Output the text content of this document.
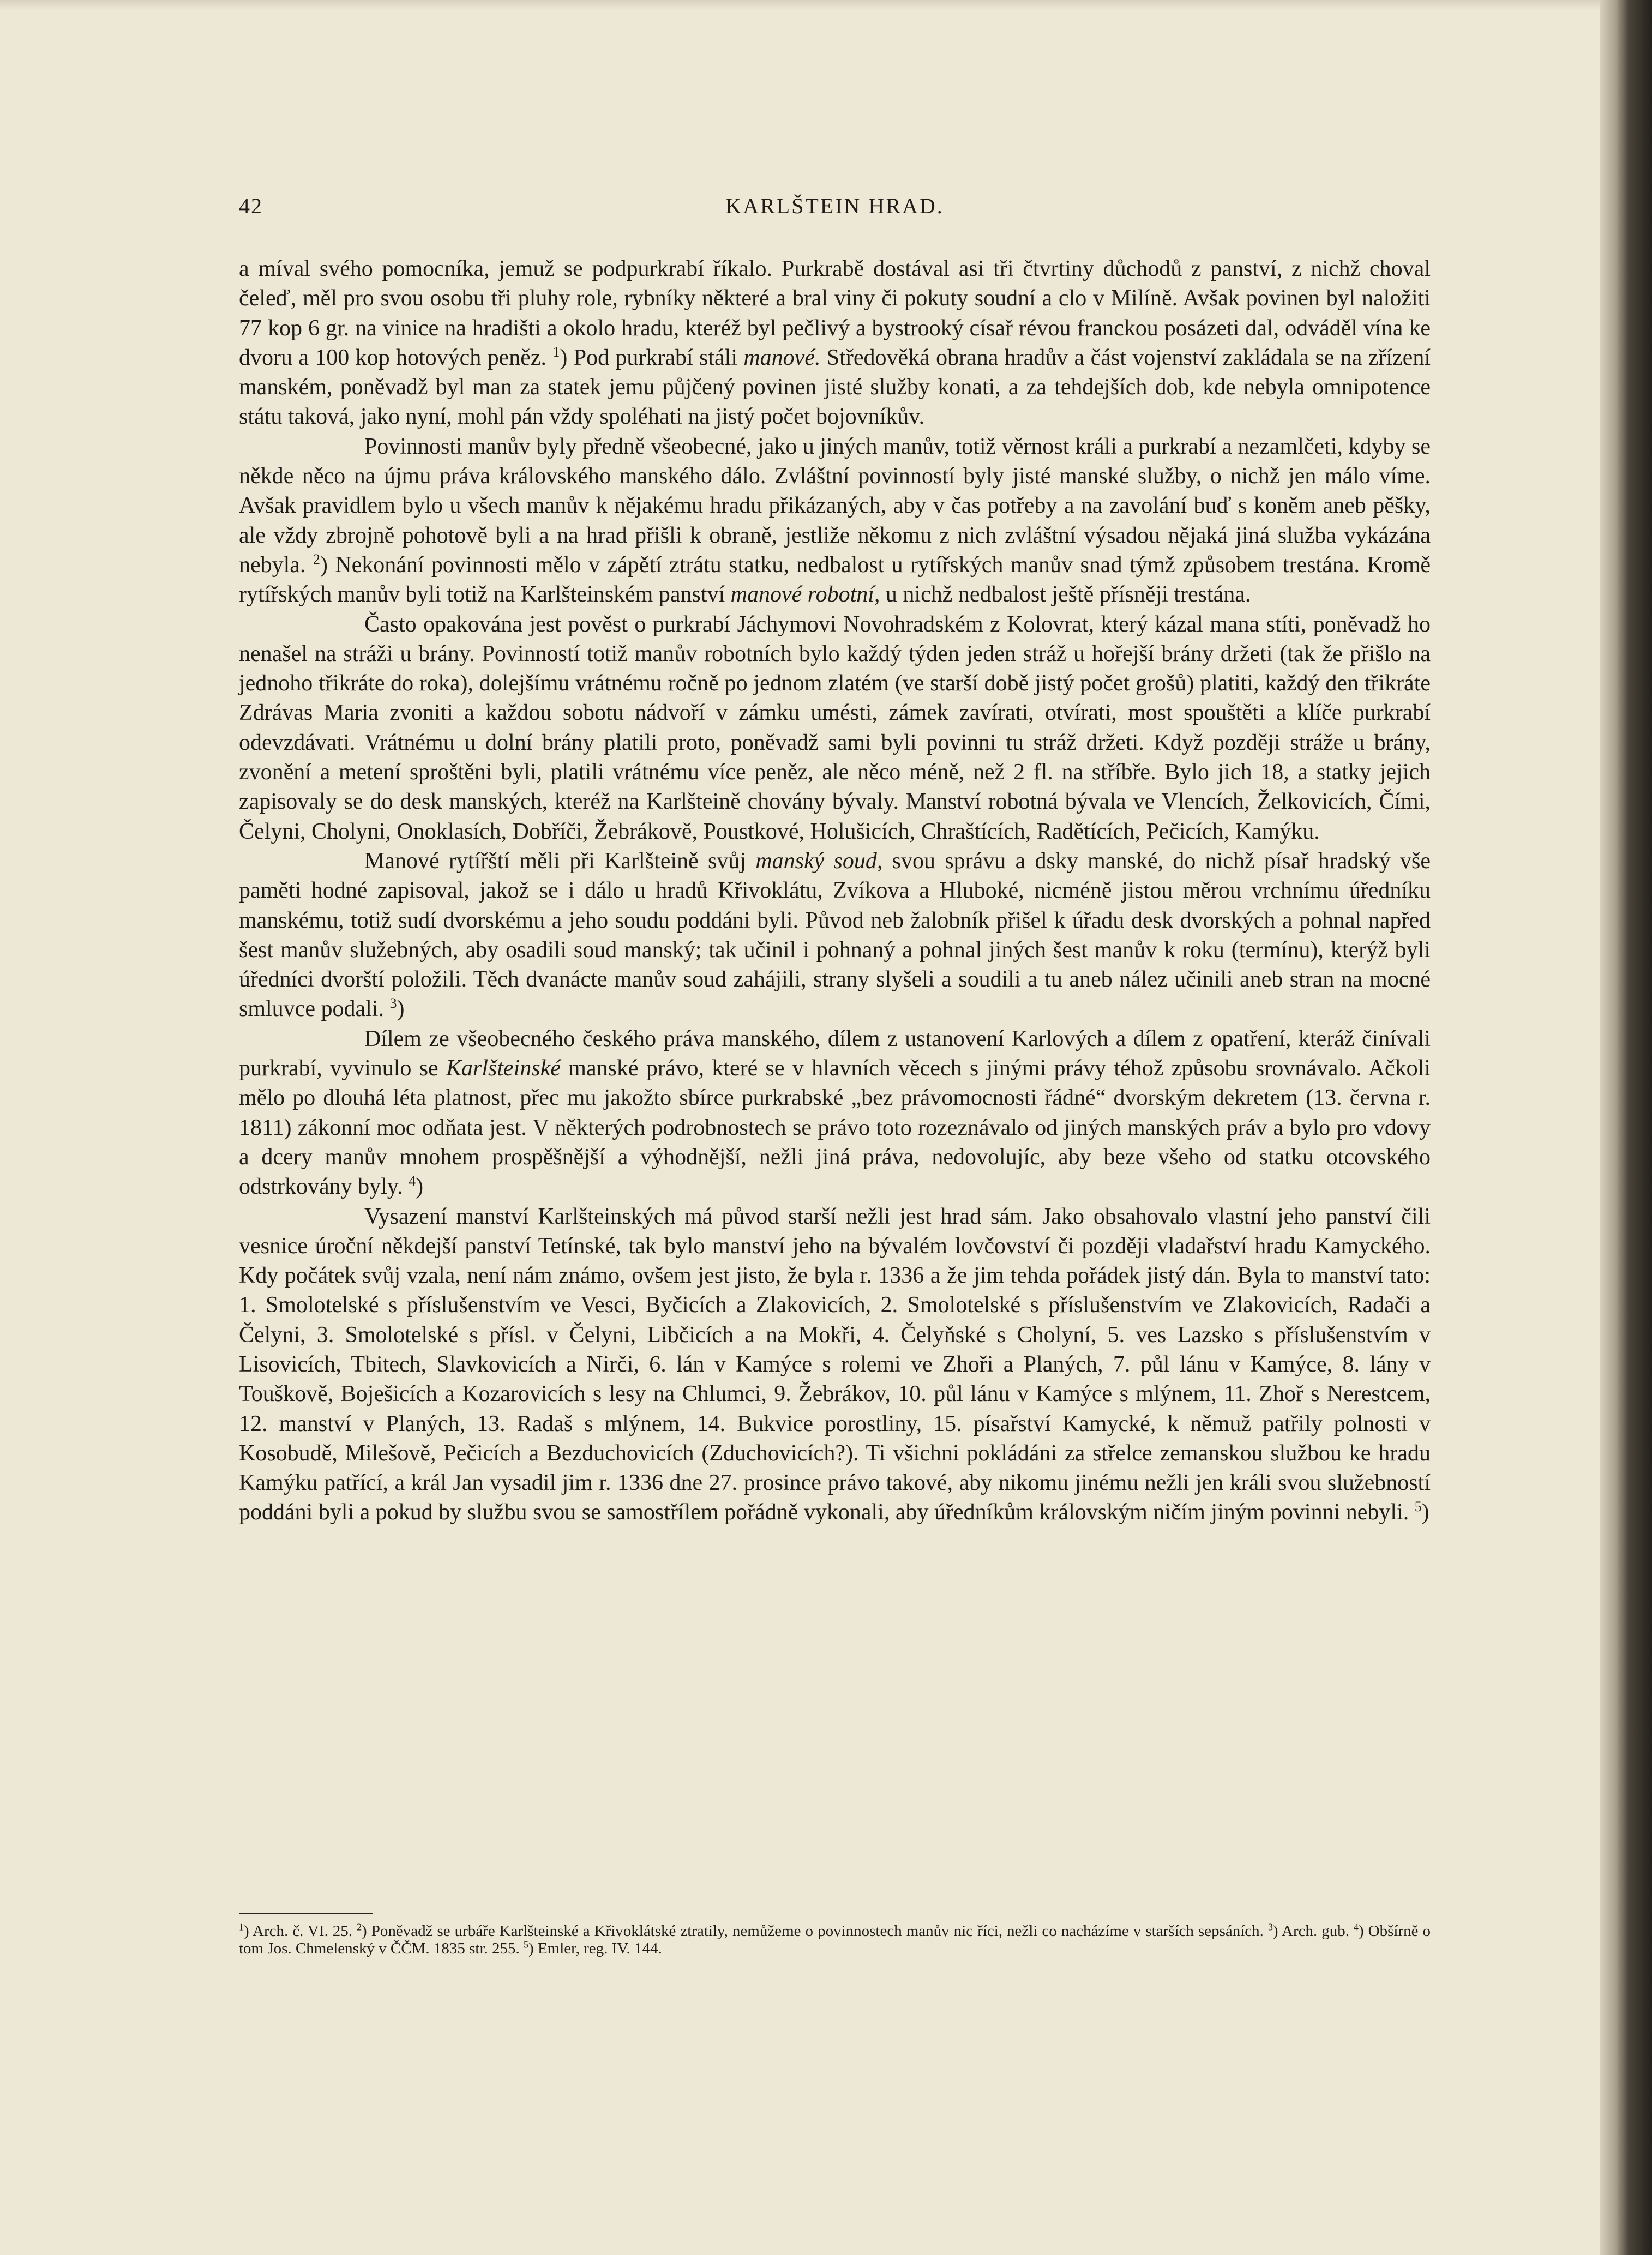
42	KARLŠTEIN HRAD.

a míval svého pomocníka, jemuž se podpurkrabí říkalo. Purkrabě dostával asi tři čtvrtiny důchodů z panství, z nichž choval čeleď, měl pro svou osobu tři pluhy role, rybníky některé a bral viny či pokuty soudní a clo v Milíně. Avšak povinen byl naložiti 77 kop 6 gr. na vinice na hradišti a okolo hradu, kteréž byl pečlivý a bystrooký císař révou franckou posázeti dal, odváděl vína ke dvoru a 100 kop hotových peněz. $^1$) Pod purkrabí stáli manové. Středověká obrana hradův a část vojenství zakládala se na zřízení manském, poněvadž byl man za statek jemu půjčený povinen jisté služby konati, a za tehdejších dob, kde nebyla omnipotence státu taková, jako nyní, mohl pán vždy spoléhati na jistý počet bojovníkův.

Povinnosti manův byly předně všeobecné, jako u jiných manův, totiž věrnost králi a purkrabí a nezamlčeti, kdyby se někde něco na újmu práva královského manského dálo. Zvláštní povinností byly jisté manské služby, o nichž jen málo víme. Avšak pravidlem bylo u všech manův k nějakému hradu přikázaných, aby v čas potřeby a na zavolání buď s koněm aneb pěšky, ale vždy zbrojně pohotově byli a na hrad přišli k obraně, jestliže někomu z nich zvláštní výsadou nějaká jiná služba vykázána nebyla. $^2$) Nekonání povinnosti mělo v zápětí ztrátu statku, nedbalost u rytířských manův snad týmž způsobem trestána. Kromě rytířských manův byli totiž na Karlšteinském panství manové robotní, u nichž nedbalost ještě přísněji trestána.

Často opakována jest pověst o purkrabí Jáchymovi Novohradském z Kolovrat, který kázal mana stíti, poněvadž ho nenašel na stráži u brány. Povinností totiž manův robotních bylo každý týden jeden stráž u hořejší brány držeti (tak že přišlo na jednoho třikráte do roka), dolejšímu vrátnému ročně po jednom zlatém (ve starší době jistý počet grošů) platiti, každý den třikráte Zdrávas Maria zvoniti a každou sobotu nádvoří v zámku umésti, zámek zavírati, otvírati, most spouštěti a klíče purkrabí odevzdávati. Vrátnému u dolní brány platili proto, poněvadž sami byli povinni tu stráž držeti. Když později stráže u brány, zvonění a metení sproštěni byli, platili vrátnému více peněz, ale něco méně, než 2 fl. na stříbře. Bylo jich 18, a statky jejich zapisovaly se do desk manských, kteréž na Karlšteině chovány bývaly. Manství robotná bývala ve Vlencích, Želkovicích, Čími, Čelyni, Cholyni, Onoklasích, Dobříči, Žebrákově, Poustkové, Holušicích, Chraštících, Radětících, Pečicích, Kamýku.

Manové rytířští měli při Karlšteině svůj manský soud, svou správu a dsky manské, do nichž písař hradský vše paměti hodné zapisoval, jakož se i dálo u hradů Křivoklátu, Zvíkova a Hluboké, nicméně jistou měrou vrchnímu úředníku manskému, totiž sudí dvorskému a jeho soudu poddáni byli. Původ neb žalobník přišel k úřadu desk dvorských a pohnal napřed šest manův služebných, aby osadili soud manský; tak učinil i pohnaný a pohnal jiných šest manův k roku (termínu), kterýž byli úředníci dvorští položili. Těch dvanácte manův soud zahájili, strany slyšeli a soudili a tu aneb nález učinili aneb stran na mocné smluvce podali. $^3$)

Dílem ze všeobecného českého práva manského, dílem z ustanovení Karlových a dílem z opatření, kteráž činívali purkrabí, vyvinulo se Karlšteinské manské právo, které se v hlavních věcech s jinými právy téhož způsobu srovnávalo. Ačkoli mělo po dlouhá léta platnost, přec mu jakožto sbírce purkrabské „bez právomocnosti řádné“ dvorským dekretem (13. června r. 1811) zákonní moc odňata jest. V některých podrobnostech se právo toto rozeznávalo od jiných manských práv a bylo pro vdovy a dcery manův mnohem prospěšnější a výhodnější, nežli jiná práva, nedovolujíc, aby beze všeho od statku otcovského odstrkovány byly. $^4$)

Vysazení manství Karlšteinských má původ starší nežli jest hrad sám. Jako obsahovalo vlastní jeho panství čili vesnice úroční někdejší panství Tetínské, tak bylo manství jeho na bývalém lovčovství či později vladařství hradu Kamyckého. Kdy počátek svůj vzala, není nám známo, ovšem jest jisto, že byla r. 1336 a že jim tehda pořádek jistý dán. Byla to manství tato: 1. Smolotelské s příslušenstvím ve Vesci, Byčicích a Zlakovicích, 2. Smolotelské s příslušenstvím ve Zlakovicích, Radači a Čelyni, 3. Smolotelské s přísl. v Čelyni, Libčicích a na Mokři, 4. Čelyňské s Cholyní, 5. ves Lazsko s příslušenstvím v Lisovicích, Tbitech, Slavkovicích a Nirči, 6. lán v Kamýce s rolemi ve Zhoři a Planých, 7. půl lánu v Kamýce, 8. lány v Touškově, Boješicích a Kozarovicích s lesy na Chlumci, 9. Žebrákov, 10. půl lánu v Kamýce s mlýnem, 11. Zhoř s Nerestcem, 12. manství v Planých, 13. Radaš s mlýnem, 14. Bukvice porostliny, 15. písařství Kamycké, k němuž patřily polnosti v Kosobudě, Milešově, Pečicích a Bezduchovicích (Zduchovicích?). Ti všichni pokládáni za střelce zemanskou službou ke hradu Kamýku patřící, a král Jan vysadil jim r. 1336 dne 27. prosince právo takové, aby nikomu jinému nežli jen králi svou služebností poddáni byli a pokud by službu svou se samostřílem pořádně vykonali, aby úředníkům královským ničím jiným povinni nebyli. $^5$)

$^1$) Arch. č. VI. 25. $^2$) Poněvadž se urbáře Karlšteinské a Křivoklátské ztratily, nemůžeme o povinnostech manův nic říci, nežli co nacházíme v starších sepsáních. $^3$) Arch. gub. $^4$) Obšírně o tom Jos. Chmelenský v ČČM. 1835 str. 255. $^5$) Emler, reg. IV. 144.
